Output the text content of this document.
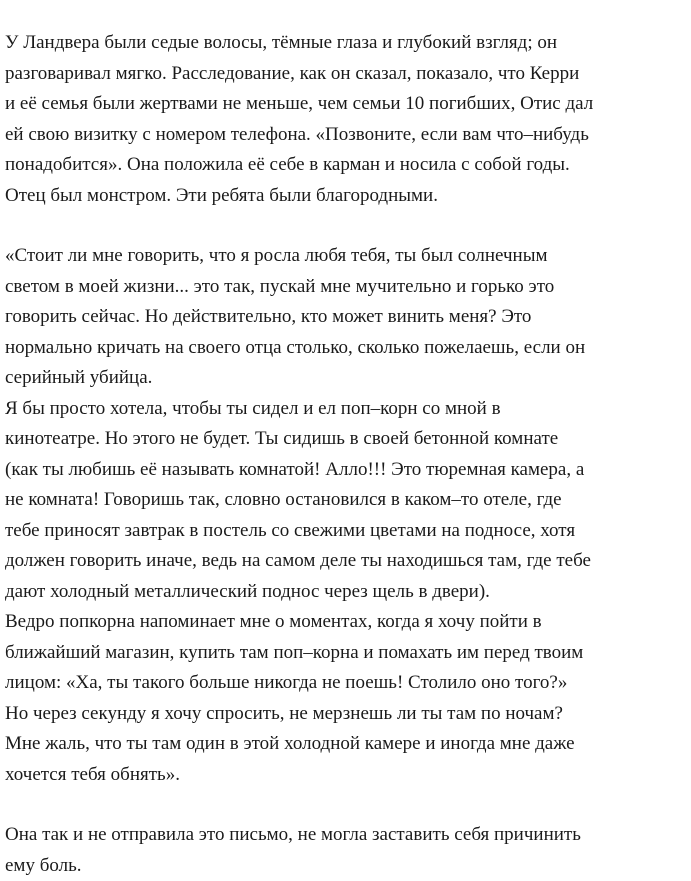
У Ландвера были седые волосы, тёмные глаза и глубокий взгляд; он
разговаривал мягко. Расследование, как он сказал, показало, что Керри
и её семья были жертвами не меньше, чем семьи 10 погибших, Отис дал
ей свою визитку с номером телефона. «Позвоните, если вам что–нибудь
понадобится». Она положила её себе в карман и носила с собой годы.
Отец был монстром. Эти ребята были благородными.
«Стоит ли мне говорить, что я росла любя тебя, ты был солнечным
светом в моей жизни... это так, пускай мне мучительно и горько это
говорить сейчас. Но действительно, кто может винить меня? Это
нормально кричать на своего отца столько, сколько пожелаешь, если он
серийный убийца.
Я бы просто хотела, чтобы ты сидел и ел поп–корн со мной в
кинотеатре. Но этого не будет. Ты сидишь в своей бетонной комнате
(как ты любишь её называть комнатой! Алло!!! Это тюремная камера, а
не комната! Говоришь так, словно остановился в каком–то отеле, где
тебе приносят завтрак в постель со свежими цветами на подносе, хотя
должен говорить иначе, ведь на самом деле ты находишься там, где тебе
дают холодный металлический поднос через щель в двери).
Ведро попкорна напоминает мне о моментах, когда я хочу пойти в
ближайший магазин, купить там поп–корна и помахать им перед твоим
лицом: «Ха, ты такого больше никогда не поешь! Столило оно того?»
Но через секунду я хочу спросить, не мерзнешь ли ты там по ночам?
Мне жаль, что ты там один в этой холодной камере и иногда мне даже
хочется тебя обнять».
Она так и не отправила это письмо, не могла заставить себя причинить
ему боль.
